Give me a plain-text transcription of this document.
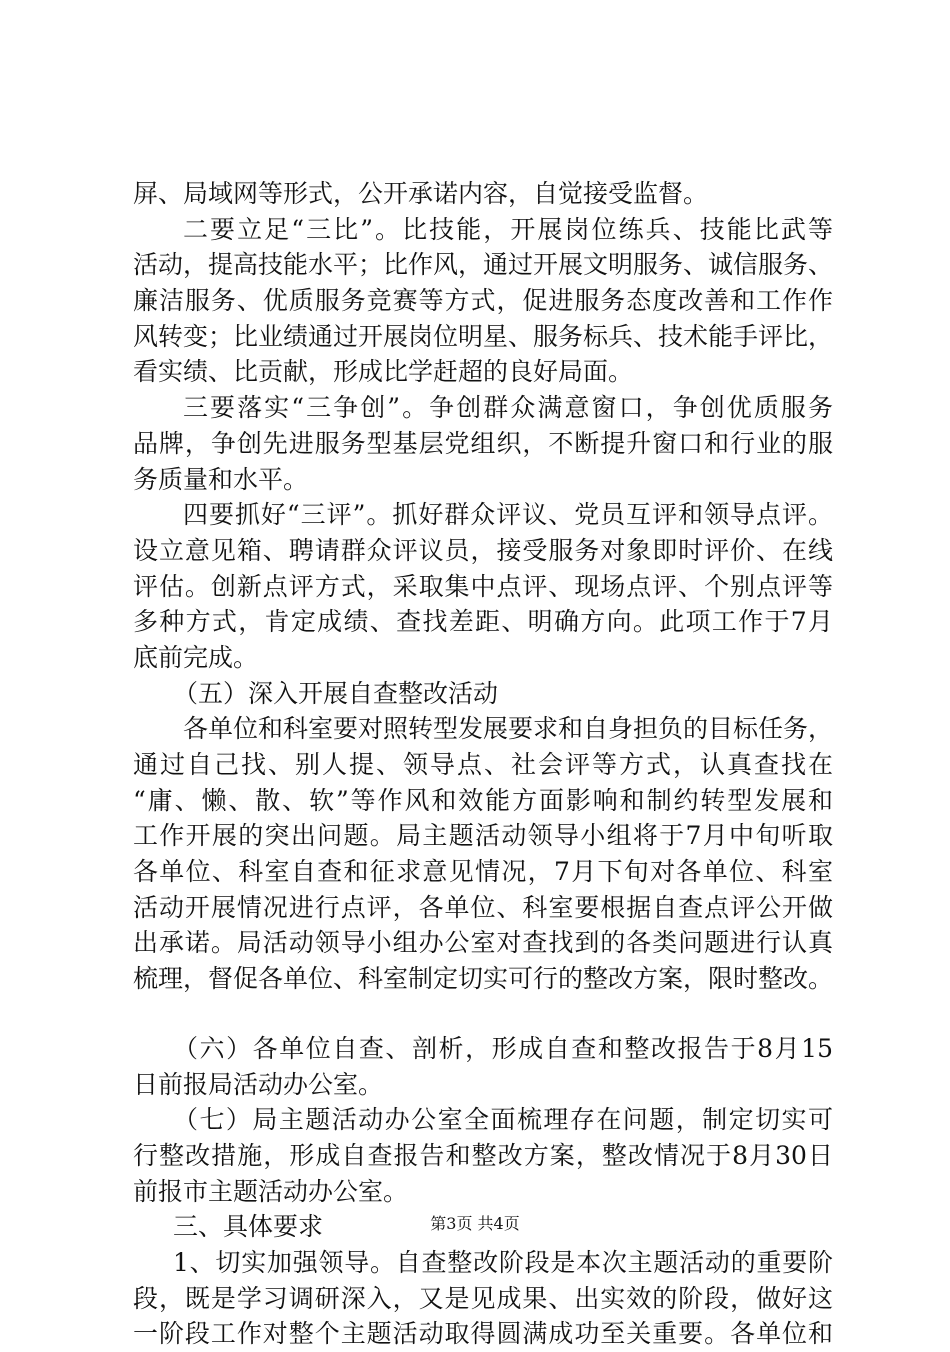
屏、局域网等形式，公开承诺内容，自觉接受监督。
二要立足“三比”。比技能，开展岗位练兵、技能比武等
活动，提高技能水平；比作风，通过开展文明服务、诚信服务、
廉洁服务、优质服务竞赛等方式，促进服务态度改善和工作作
风转变；比业绩通过开展岗位明星、服务标兵、技术能手评比，
看实绩、比贡献，形成比学赶超的良好局面。
三要落实“三争创”。争创群众满意窗口，争创优质服务
品牌，争创先进服务型基层党组织，不断提升窗口和行业的服
务质量和水平。
四要抓好“三评”。抓好群众评议、党员互评和领导点评。
设立意见箱、聘请群众评议员，接受服务对象即时评价、在线
评估。创新点评方式，采取集中点评、现场点评、个别点评等
多种方式，肯定成绩、查找差距、明确方向。此项工作于7月
底前完成。
（五）深入开展自查整改活动
各单位和科室要对照转型发展要求和自身担负的目标任务，
通过自己找、别人提、领导点、社会评等方式，认真查找在
“庸、懒、散、软”等作风和效能方面影响和制约转型发展和
工作开展的突出问题。局主题活动领导小组将于7月中旬听取
各单位、科室自查和征求意见情况，7月下旬对各单位、科室
活动开展情况进行点评，各单位、科室要根据自查点评公开做
出承诺。局活动领导小组办公室对查找到的各类问题进行认真
梳理，督促各单位、科室制定切实可行的整改方案，限时整改。
（六）各单位自查、剖析，形成自查和整改报告于8月15
日前报局活动办公室。
（七）局主题活动办公室全面梳理存在问题，制定切实可
行整改措施，形成自查报告和整改方案，整改情况于8月30日
前报市主题活动办公室。
三、具体要求
1、切实加强领导。自查整改阶段是本次主题活动的重要阶
段，既是学习调研深入，又是见成果、出实效的阶段，做好这
一阶段工作对整个主题活动取得圆满成功至关重要。各单位和
第3页 共4页
